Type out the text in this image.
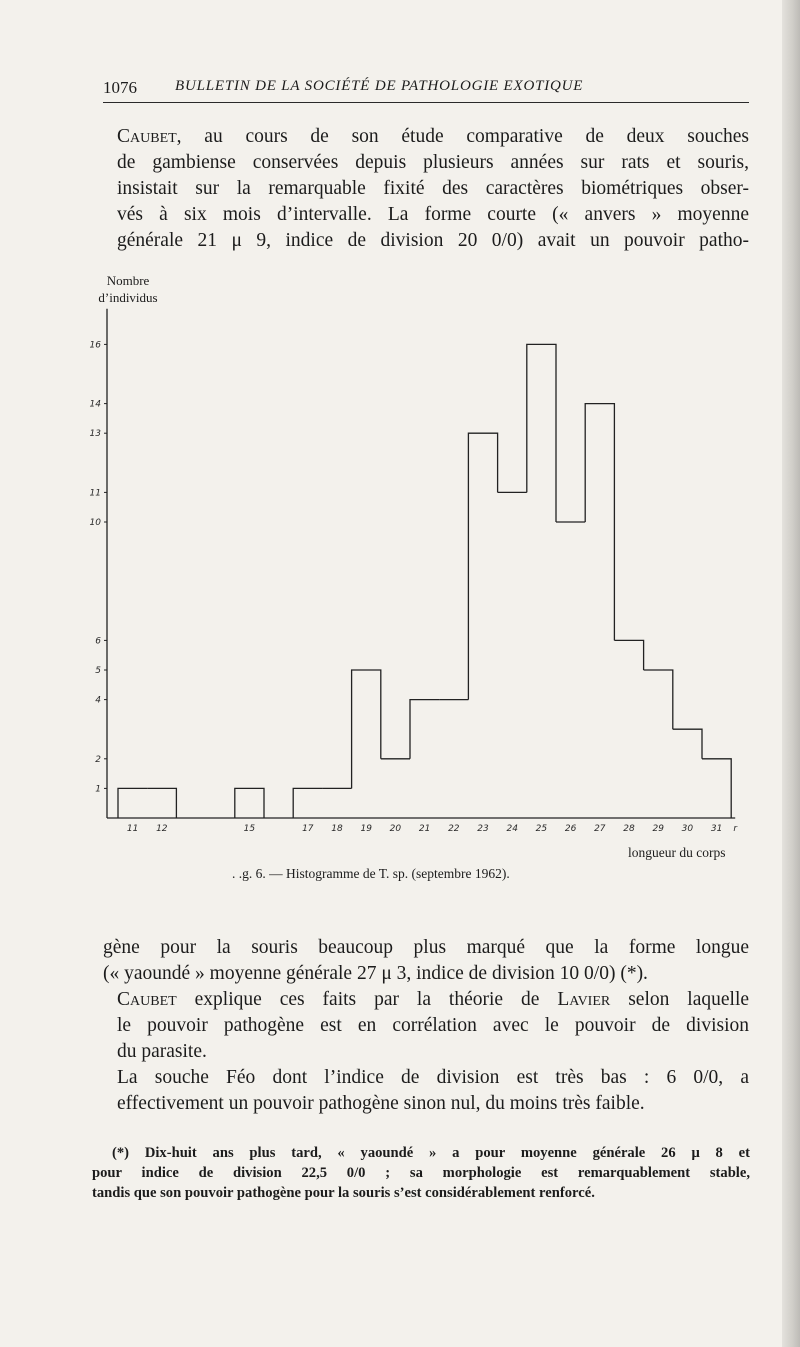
1076	BULLETIN DE LA SOCIÉTÉ DE PATHOLOGIE EXOTIQUE

Caubet, au cours de son étude comparative de deux souches
de gambiense conservées depuis plusieurs années sur rats et souris,
insistait sur la remarquable fixité des caractères biométriques obser-
vés à six mois d’intervalle. La forme courte (« anvers » moyenne
générale 21 μ 9, indice de division 20 0/0) avait un pouvoir patho-

Nombre d’individus
1
2
4
5
6
10
11
13
14
16
11 12	15	17 18 19 20 21 22 23 24 25 26 27 28 29 30 31 r
longueur du corps
. .g. 6. — Histogramme de T. sp. (septembre 1962).

gène pour la souris beaucoup plus marqué que la forme longue
(« yaoundé » moyenne générale 27 μ 3, indice de division 10 0/0) (*).

Caubet explique ces faits par la théorie de Lavier selon laquelle
le pouvoir pathogène est en corrélation avec le pouvoir de division
du parasite.

La souche Féo dont l’indice de division est très bas : 6 0/0, a
effectivement un pouvoir pathogène sinon nul, du moins très faible.

(*) Dix-huit ans plus tard, « yaoundé » a pour moyenne générale 26 μ 8 et
pour indice de division 22,5 0/0 ; sa morphologie est remarquablement stable,
tandis que son pouvoir pathogène pour la souris s’est considérablement renforcé.
